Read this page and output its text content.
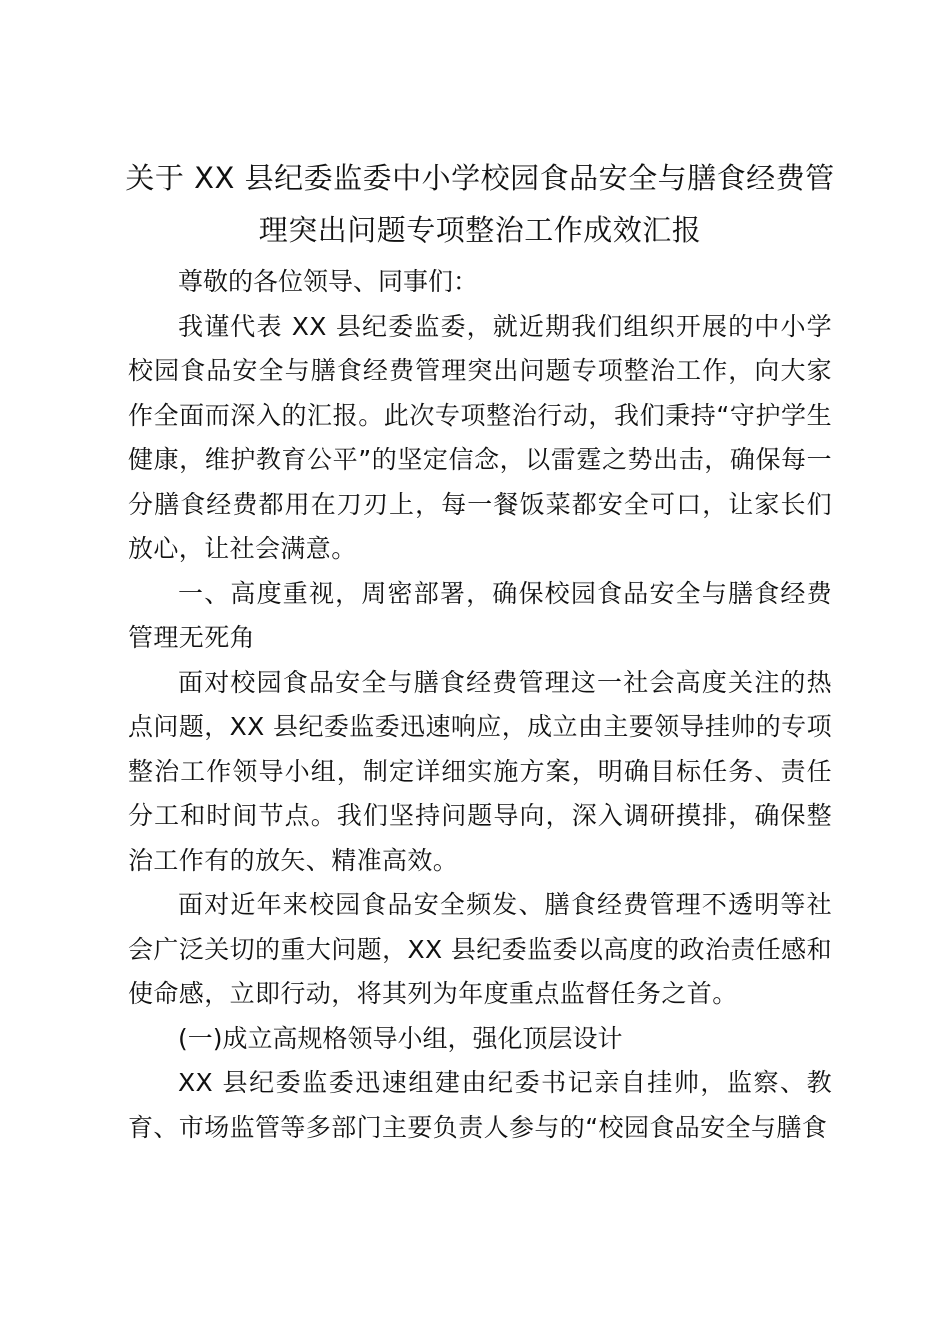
关于 XX 县纪委监委中小学校园食品安全与膳食经费管
理突出问题专项整治工作成效汇报

尊敬的各位领导、同事们：

我谨代表 XX 县纪委监委，就近期我们组织开展的中小学校园食品安全与膳食经费管理突出问题专项整治工作，向大家作全面而深入的汇报。此次专项整治行动，我们秉持“守护学生健康，维护教育公平”的坚定信念，以雷霆之势出击，确保每一分膳食经费都用在刀刃上，每一餐饭菜都安全可口，让家长们放心，让社会满意。

一、高度重视，周密部署，确保校园食品安全与膳食经费管理无死角

面对校园食品安全与膳食经费管理这一社会高度关注的热点问题，XX 县纪委监委迅速响应，成立由主要领导挂帅的专项整治工作领导小组，制定详细实施方案，明确目标任务、责任分工和时间节点。我们坚持问题导向，深入调研摸排，确保整治工作有的放矢、精准高效。

面对近年来校园食品安全频发、膳食经费管理不透明等社会广泛关切的重大问题，XX 县纪委监委以高度的政治责任感和使命感，立即行动，将其列为年度重点监督任务之首。

(一)成立高规格领导小组，强化顶层设计

XX 县纪委监委迅速组建由纪委书记亲自挂帅，监察、教育、市场监管等多部门主要负责人参与的“校园食品安全与膳食
